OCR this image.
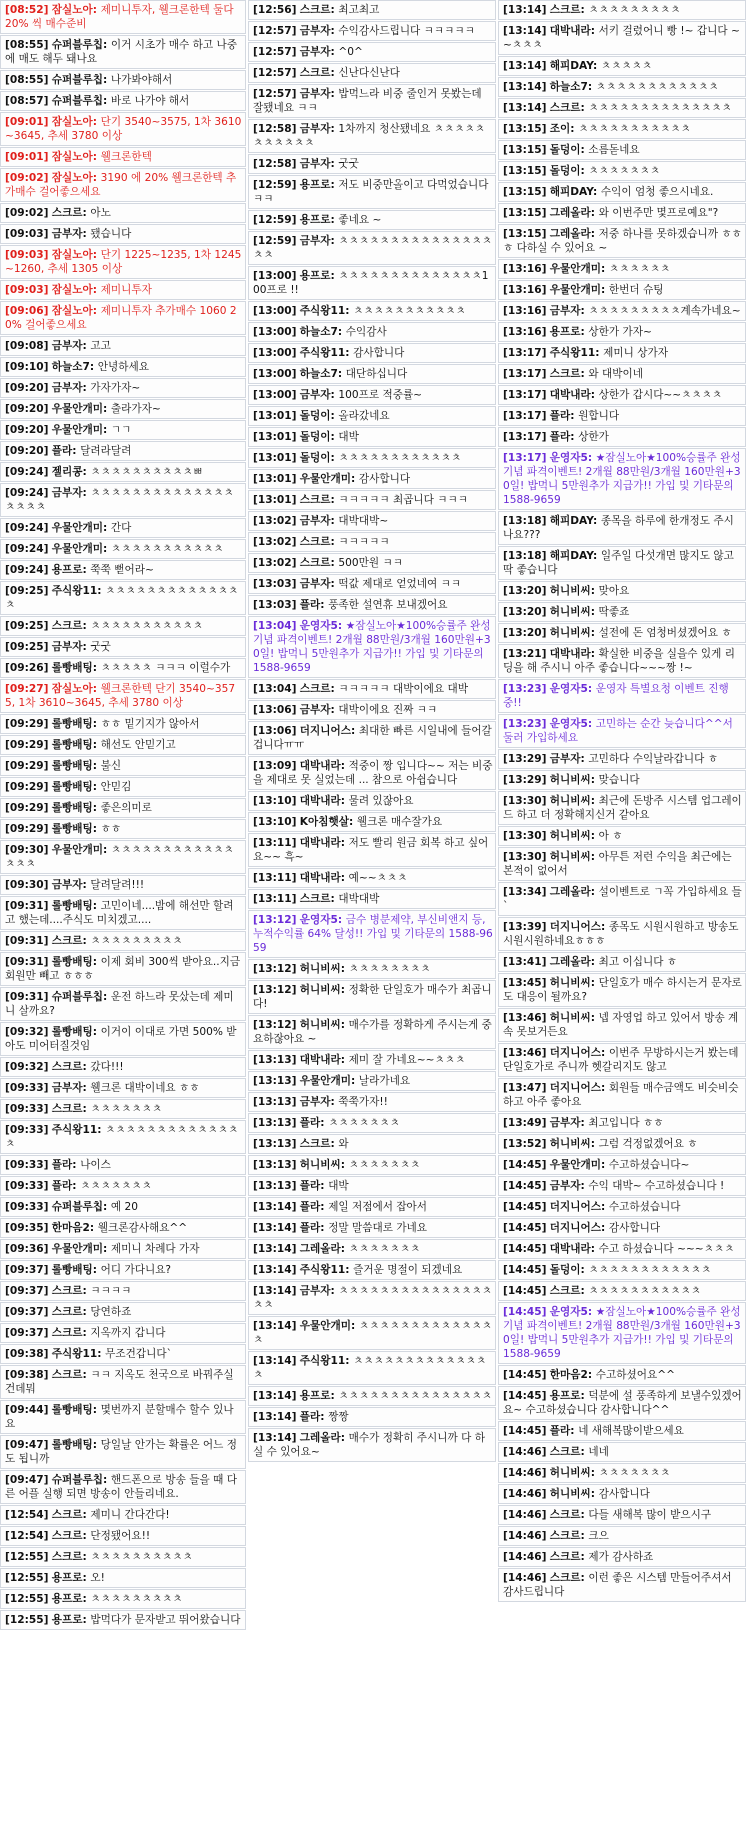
[08:52] 잠실노아: 제미니투자, 웰크론한텍 둘다 20% 씩 매수준비
[08:55] 슈퍼블루칩: 이거 시초가 매수 하고 나중에 매도 해두 돼나요
[08:55] 슈퍼블루칩: 나가봐야해서
[08:57] 슈퍼블루칩: 바로 나가야 해서
[09:01] 잠실노아: 단기 3540~3575, 1차 3610~3645, 추세 3780 이상
[09:01] 잠실노아: 웰크론한텍
[09:02] 잠실노아: 3190 에 20% 웰크론한텍 추가매수 걸어좋으세요
[09:02] 스크르: 아노
[09:03] 금부자: 됐습니다
[09:03] 잠실노아: 단기 1225~1235, 1차 1245~1260, 추세 1305 이상
[09:03] 잠실노아: 제미니투자
[09:06] 잠실노아: 제미니투자 추가매수 1060 20% 걸어좋으세요
[09:08] 금부자: 고고
[09:10] 하늘소7: 안녕하세요
[09:20] 금부자: 가자가자~
[09:20] 우물안개미: 출라가자~
[09:20] 우물안개미: ㄱㄱ
[09:20] 플라: 달려라달려
[09:24] 젤리콩: ㅊㅊㅊㅊㅊㅊㅊㅊㅊㅊㅃ
[09:24] 금부자: ㅊㅊㅊㅊㅊㅊㅊㅊㅊㅊㅊㅊㅊㅊㅊㅊㅊㅊ
[09:24] 우물안개미: 간다
[09:24] 우물안개미: ㅊㅊㅊㅊㅊㅊㅊㅊㅊㅊㅊ
[09:24] 용프로: 쭉쭉 뻗어라~
[09:25] 주식왕11: ㅊㅊㅊㅊㅊㅊㅊㅊㅊㅊㅊㅊㅊㅊ
[09:25] 스크르: ㅊㅊㅊㅊㅊㅊㅊㅊㅊㅊㅊ
[09:25] 금부자: 굿굿
[09:26] 롤빵배팅: ㅊㅊㅊㅊㅊ ㅋㅋㅋ 이럴수가
[09:27] 잠실노아: 웰크론한텍 단기 3540~3575, 1차 3610~3645, 추세 3780 이상
[09:29] 롤빵배팅: ㅎㅎ 밑기지가 않아서
[09:29] 롤빵배팅: 해선도 안믿기고
[09:29] 롤빵배팅: 불신
[09:29] 롤빵배팅: 안믿김
[09:29] 롤빵배팅: 좋은의미로
[09:29] 롤빵배팅: ㅎㅎ
[09:30] 우물안개미: ㅊㅊㅊㅊㅊㅊㅊㅊㅊㅊㅊㅊㅊㅊㅊ
[09:30] 금부자: 달려달려!!!
[09:31] 롤빵배팅: 고민이네....밤에 해선만 할려고 했는데....주식도 미치겠고....
[09:31] 스크르: ㅊㅊㅊㅊㅊㅊㅊㅊㅊ
[09:31] 롤빵배팅: 이제 회비 300씩 받아요..지금 회원만 빼고 ㅎㅎㅎ
[09:31] 슈퍼블루칩: 운전 하느라 못샀는데 제미니 살까요?
[09:32] 롤빵배팅: 이거이 이대로 가면 500% 받아도 미어터질것임
[09:32] 스크르: 갔다!!!
[09:33] 금부자: 웰크론 대박이네요 ㅎㅎ
[09:33] 스크르: ㅊㅊㅊㅊㅊㅊㅊ
[09:33] 주식왕11: ㅊㅊㅊㅊㅊㅊㅊㅊㅊㅊㅊㅊㅊㅊ
[09:33] 플라: 나이스
[09:33] 플라: ㅊㅊㅊㅊㅊㅊㅊ
[09:33] 슈퍼블루칩: 예 20
[09:35] 한마음2: 웰크론감사해요^^
[09:36] 우물안개미: 제미니 차례다 가자
[09:37] 롤빵배팅: 어디 가다니요?
[09:37] 스크르: ㅋㅋㅋㅋ
[09:37] 스크르: 당연하죠
[09:37] 스크르: 지옥까지 갑니다
[09:38] 주식왕11: 무조건갑니다`
[09:38] 스크르: ㅋㅋ 지옥도 천국으로 바꿔주실건데뭐
[09:44] 롤빵배팅: 몇번까지 분할매수 할수 있나요
[09:47] 롤빵배팅: 당일날 안가는 확률은 어느 정도 됩니까
[09:47] 슈퍼블루칩: 핸드폰으로 방송 들을 때 다른 어플 실행 되면 방송이 안들리네요.
[12:54] 스크르: 제미니 간다간다!
[12:54] 스크르: 단정됐어요!!
[12:55] 스크르: ㅊㅊㅊㅊㅊㅊㅊㅊㅊㅊ
[12:55] 용프로: 오!
[12:55] 용프로: ㅊㅊㅊㅊㅊㅊㅊㅊㅊ
[12:55] 용프로: 밥먹다가 문자받고 뛰어왔습니다
[12:56] 스크르: 최고최고
[12:57] 금부자: 수익감사드립니다 ㅋㅋㅋㅋㅋ
[12:57] 금부자: ^0^
[12:57] 스크르: 신난다신난다
[12:57] 금부자: 밥먹느라 비중 줄인거 못봤는데 잘됐네요 ㅋㅋ
[12:58] 금부자: 1차까지 청산됐네요 ㅊㅊㅊㅊㅊㅊㅊㅊㅊㅊㅊ
[12:58] 금부자: 굿굿
[12:59] 용프로: 저도 비중만올이고 다먹었습니다 ㅋㅋ
[12:59] 용프로: 좋네요 ~
[12:59] 금부자: ㅊㅊㅊㅊㅊㅊㅊㅊㅊㅊㅊㅊㅊㅊㅊㅊㅊ
[13:00] 용프로: ㅊㅊㅊㅊㅊㅊㅊㅊㅊㅊㅊㅊㅊㅊ100프로 !!
[13:00] 주식왕11: ㅊㅊㅊㅊㅊㅊㅊㅊㅊㅊㅊ
[13:00] 하늘소7: 수익감사
[13:00] 주식왕11: 감사합니다
[13:00] 하늘소7: 대단하십니다
[13:00] 금부자: 100프로 적중률~
[13:01] 돌덩이: 올라갔네요
[13:01] 돌덩이: 대박
[13:01] 돌덩이: ㅊㅊㅊㅊㅊㅊㅊㅊㅊㅊㅊㅊ
[13:01] 우물안개미: 감사합니다
[13:01] 스크르: ㅋㅋㅋㅋㅋ 최곱니다 ㅋㅋㅋ
[13:02] 금부자: 대박대박~
[13:02] 스크르: ㅋㅋㅋㅋㅋ
[13:02] 스크르: 500만원 ㅋㅋ
[13:03] 금부자: 떡값 제대로 얻었네여 ㅋㅋ
[13:03] 플라: 풍족한 설연휴 보내겠어요
[13:04] 운영자5: ★잠실노아★100%승률주 완성기념 파격이벤트! 2개월 88만원/3개월 160만원+30일! 밥먹니 5만원추가 지급가!! 가입 및 기타문의 1588-9659
[13:04] 스크르: ㅋㅋㅋㅋㅋ 대박이에요 대박
[13:06] 금부자: 대박이에요 진짜 ㅋㅋ
[13:06] 더지니어스: 최대한 빠른 시일내에 들어갈겁니다ㅠㅠ
[13:09] 대박내라: 적중이 짱 입니다~~ 저는 비중을 제대로 못 실었는데 ... 참으로 아쉽습니다
[13:10] 대박내라: 물려 있잖아요
[13:10] K아침햇살: 웰크론 매수잘가요
[13:11] 대박내라: 저도 빨리 원금 회복 하고 싶어요~~ 흑~
[13:11] 대박내라: 예~~ㅊㅊㅊ
[13:11] 스크르: 대박대박
[13:12] 운영자5: 금수 병분제약, 부신비앤지 등, 누적수익률 64% 달성!! 가입 및 기타문의 1588-9659
[13:12] 허니비씨: ㅊㅊㅊㅊㅊㅊㅊㅊ
[13:12] 허니비씨: 정확한 단일호가 매수가 최곱니다!
[13:12] 허니비씨: 매수가를 정확하게 주시는게 중요하잖아요 ~
[13:13] 대박내라: 제미 잘 가네요~~ㅊㅊㅊ
[13:13] 우물안개미: 날라가네요
[13:13] 금부자: 쭉쭉가자!!
[13:13] 플라: ㅊㅊㅊㅊㅊㅊㅊ
[13:13] 스크르: 와
[13:13] 허니비씨: ㅊㅊㅊㅊㅊㅊㅊ
[13:13] 플라: 대박
[13:14] 플라: 제일 저점에서 잡아서
[13:14] 플라: 정말 말씀대로 가네요
[13:14] 그레올라: ㅊㅊㅊㅊㅊㅊㅊ
[13:14] 주식왕11: 즐거운 명절이 되겠네요
[13:14] 금부자: ㅊㅊㅊㅊㅊㅊㅊㅊㅊㅊㅊㅊㅊㅊㅊㅊㅊ
[13:14] 우물안개미: ㅊㅊㅊㅊㅊㅊㅊㅊㅊㅊㅊㅊㅊㅊ
[13:14] 주식왕11: ㅊㅊㅊㅊㅊㅊㅊㅊㅊㅊㅊㅊㅊㅊ
[13:14] 용프로: ㅊㅊㅊㅊㅊㅊㅊㅊㅊㅊㅊㅊㅊㅊㅊ
[13:14] 플라: 짱짱
[13:14] 그레올라: 매수가 정확히 주시니까 다 하실 수 있어요~
[13:14] 스크르: ㅊㅊㅊㅊㅊㅊㅊㅊㅊ
[13:14] 대박내라: 서키 걸렸어니 빵 !~ 갑니다 ~~ㅊㅊㅊ
[13:14] 해피DAY: ㅊㅊㅊㅊㅊ
[13:14] 하늘소7: ㅊㅊㅊㅊㅊㅊㅊㅊㅊㅊㅊㅊ
[13:14] 스크르: ㅊㅊㅊㅊㅊㅊㅊㅊㅊㅊㅊㅊㅊㅊ
[13:15] 조이: ㅊㅊㅊㅊㅊㅊㅊㅊㅊㅊㅊ
[13:15] 돌덩이: 소름돋네요
[13:15] 돌덩이: ㅊㅊㅊㅊㅊㅊㅊ
[13:15] 해피DAY: 수익이 엄청 좋으시네요.
[13:15] 그레올라: 와 이번주만 몇프로예요"?
[13:15] 그레올라: 저중 하나를 못하겠습니까 ㅎㅎㅎ 다하실 수 있어요 ~
[13:16] 우물안개미: ㅊㅊㅊㅊㅊㅊ
[13:16] 우물안개미: 한번더 슈팅
[13:16] 금부자: ㅊㅊㅊㅊㅊㅊㅊㅊㅊ계속가네요~
[13:16] 용프로: 상한가 가자~
[13:17] 주식왕11: 제미니 상가자
[13:17] 스크르: 와 대박이네
[13:17] 대박내라: 상한가 갑시다~~ㅊㅊㅊㅊ
[13:17] 플라: 원합니다
[13:17] 플라: 상한가
[13:17] 운영자5: ★잠실노아★100%승률주 완성기념 파격이벤트! 2개월 88만원/3개월 160만원+30일! 밥먹니 5만원추가 지급가!! 가입 및 기타문의 1588-9659
[13:18] 해피DAY: 종목을 하루에 한개정도 주시나요???
[13:18] 해피DAY: 일주일 다섯개면 많지도 않고 딱 좋습니다
[13:20] 허니비씨: 맞아요
[13:20] 허니비씨: 딱좋죠
[13:20] 허니비씨: 설전에 돈 엄청버셨겠어요 ㅎ
[13:21] 대박내라: 확실한 비중을 실을수 있게 리딩을 해 주시니 아주 좋습니다~~~짱 !~
[13:23] 운영자5: 운영자 특별요청 이벤트 진행중!!
[13:23] 운영자5: 고민하는 순간 늦습니다^^서둘러 가입하세요
[13:29] 금부자: 고민하다 수익날라갑니다 ㅎ
[13:29] 허니비씨: 맞습니다
[13:30] 허니비씨: 최근에 돈방주 시스템 업그레이드 하고 더 정확해지신거 같아요
[13:30] 허니비씨: 아 ㅎ
[13:30] 허니비씨: 아무튼 저런 수익을 최근에는 본적이 없어서
[13:34] 그레올라: 설이벤트로 ㄱ꼭 가입하세요 들`
[13:39] 더지니어스: 종목도 시원시원하고 방송도 시원시원하네요ㅎㅎㅎ
[13:41] 그레올라: 최고 이십니다 ㅎ
[13:45] 허니비씨: 단일호가 매수 하시는거 문자로도 대응이 될까요?
[13:46] 허니비씨: 넵 자영업 하고 있어서 방송 계속 못보거든요
[13:46] 더지니어스: 이번주 무방하시는거 봤는데 단일호가로 주니까 헷갈리지도 않고
[13:47] 더지니어스: 회원들 매수금액도 비슷비슷하고 아주 좋아요
[13:49] 금부자: 최고입니다 ㅎㅎ
[13:52] 허니비씨: 그럼 걱정없겠어요 ㅎ
[14:45] 우물안개미: 수고하셨습니다~
[14:45] 금부자: 수익 대박~ 수고하셨습니다 !
[14:45] 더지니어스: 수고하셨습니다
[14:45] 더지니어스: 감사합니다
[14:45] 대박내라: 수고 하셨습니다 ~~~ㅊㅊㅊ
[14:45] 돌덩이: ㅊㅊㅊㅊㅊㅊㅊㅊㅊㅊㅊㅊ
[14:45] 스크르: ㅊㅊㅊㅊㅊㅊㅊㅊㅊㅊㅊ
[14:45] 운영자5: ★잠실노아★100%승률주 완성기념 파격이벤트! 2개월 88만원/3개월 160만원+30일! 밥먹니 5만원추가 지급가!! 가입 및 기타문의 1588-9659
[14:45] 한마음2: 수고하셨어요^^
[14:45] 용프로: 덕분에 설 풍족하게 보낼수있겠어요~ 수고하셨습니다 감사합니다^^
[14:45] 플라: 네 새해복많이받으세요
[14:46] 스크르: 네네
[14:46] 허니비씨: ㅊㅊㅊㅊㅊㅊㅊ
[14:46] 허니비씨: 감사합니다
[14:46] 스크르: 다들 새해복 많이 받으시구
[14:46] 스크르: 크으
[14:46] 스크르: 제가 감사하죠
[14:46] 스크르: 이런 좋은 시스템 만들어주셔서 감사드립니다
